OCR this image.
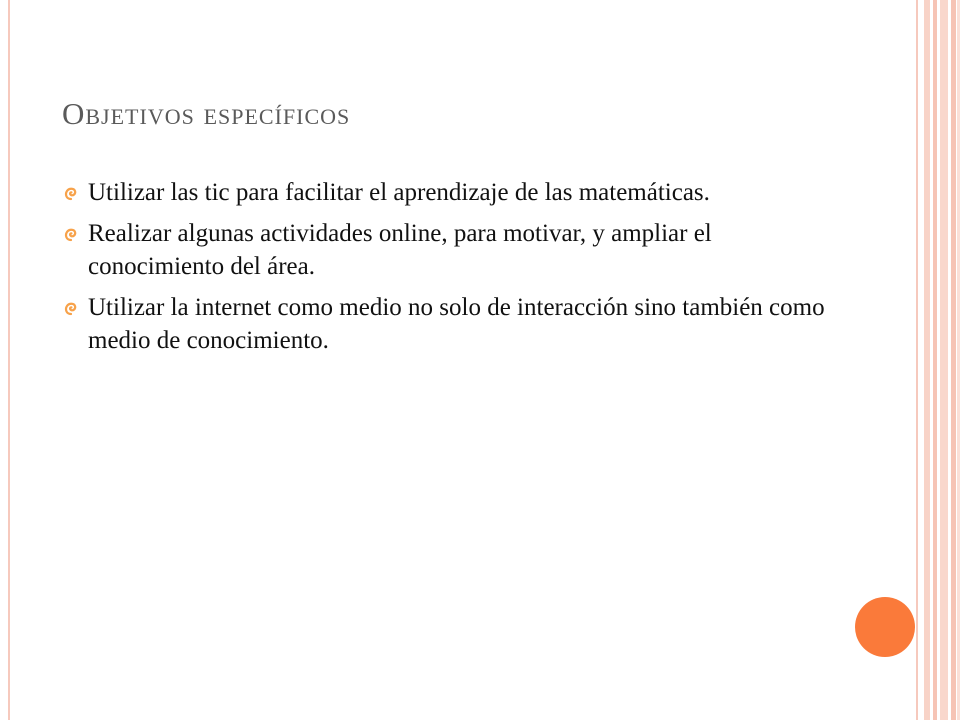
Objetivos específicos
Utilizar las tic para facilitar el aprendizaje de las matemáticas.
Realizar algunas actividades online, para motivar, y ampliar el conocimiento del área.
Utilizar la internet como medio no solo de interacción sino también como medio de conocimiento.
